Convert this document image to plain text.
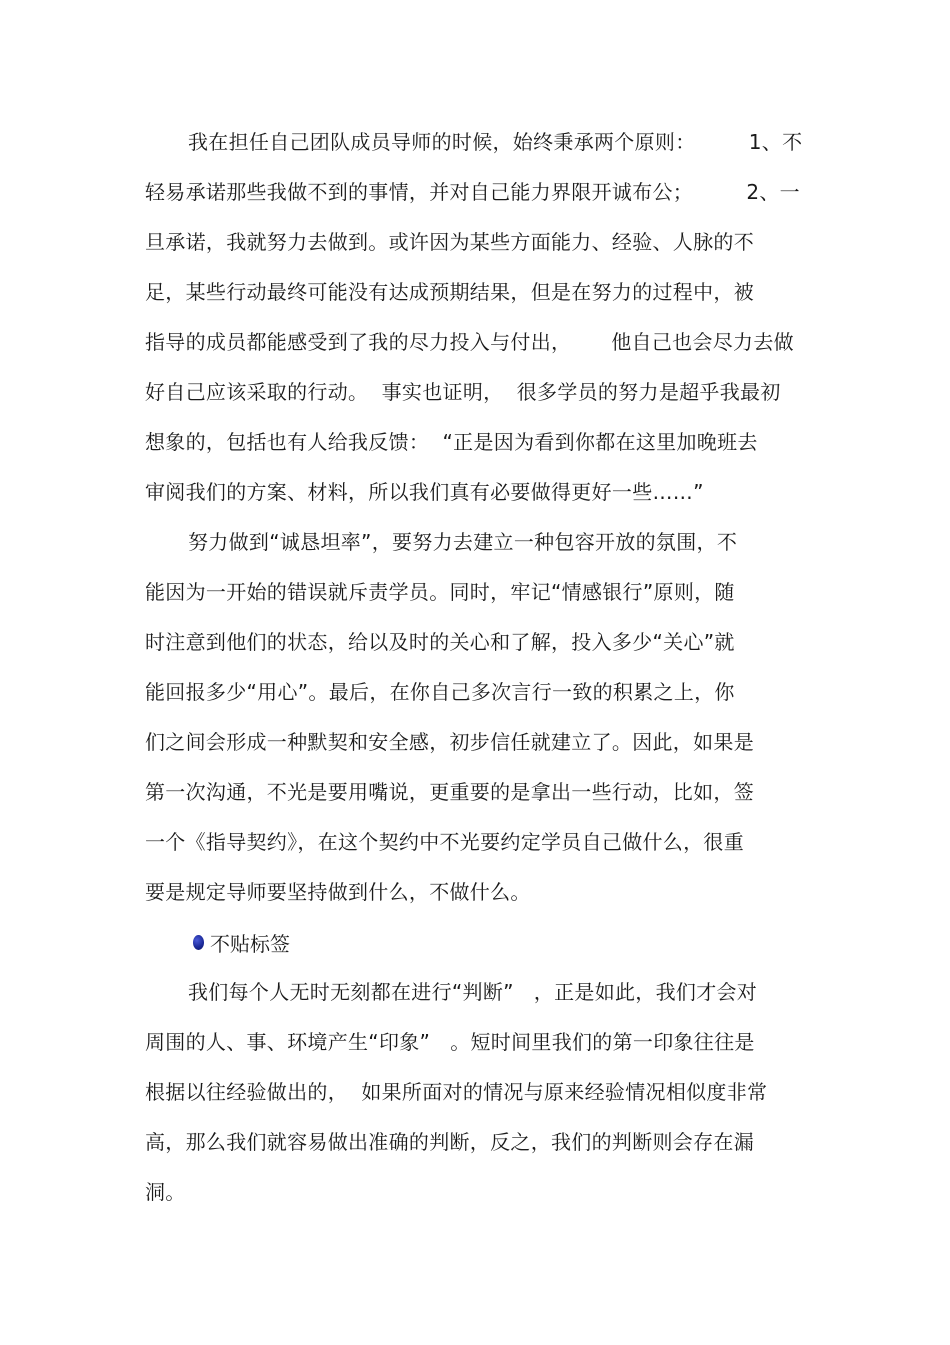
我在担任自己团队成员导师的时候，始终秉承两个原则：        1、不
轻易承诺那些我做不到的事情，并对自己能力界限开诚布公；        2、一
旦承诺，我就努力去做到。或许因为某些方面能力、经验、人脉的不
足，某些行动最终可能没有达成预期结果，但是在努力的过程中，被
指导的成员都能感受到了我的尽力投入与付出，      他自己也会尽力去做
好自己应该采取的行动。  事实也证明，  很多学员的努力是超乎我最初
想象的，包括也有人给我反馈：  “正是因为看到你都在这里加晚班去
审阅我们的方案、材料，所以我们真有必要做得更好一些……”
努力做到“诚恳坦率”，要努力去建立一种包容开放的氛围，不
能因为一开始的错误就斥责学员。同时，牢记“情感银行”原则，随
时注意到他们的状态，给以及时的关心和了解，投入多少“关心”就
能回报多少“用心”。最后，在你自己多次言行一致的积累之上，你
们之间会形成一种默契和安全感，初步信任就建立了。因此，如果是
第一次沟通，不光是要用嘴说，更重要的是拿出一些行动，比如，签
一个《指导契约》，在这个契约中不光要约定学员自己做什么，很重
要是规定导师要坚持做到什么，不做什么。
不贴标签
我们每个人无时无刻都在进行“判断”   ，正是如此，我们才会对
周围的人、事、环境产生“印象”   。短时间里我们的第一印象往往是
根据以往经验做出的，  如果所面对的情况与原来经验情况相似度非常
高，那么我们就容易做出准确的判断，反之，我们的判断则会存在漏
洞。
